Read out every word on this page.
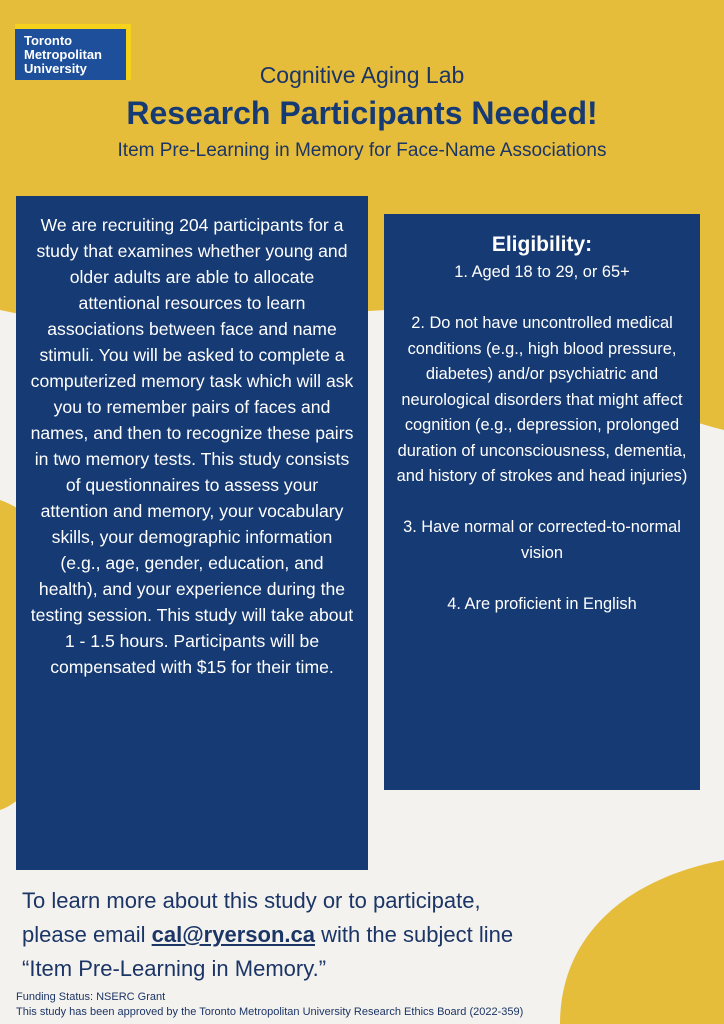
Toronto
Metropolitan
University	Cognitive Aging Lab
Research Participants Needed!
Item Pre-Learning in Memory for Face-Name Associations

We are recruiting 204 participants for a study that examines whether young and older adults are able to allocate attentional resources to learn associations between face and name stimuli. You will be asked to complete a computerized memory task which will ask you to remember pairs of faces and names, and then to recognize these pairs in two memory tests. This study consists of questionnaires to assess your attention and memory, your vocabulary skills, your demographic information (e.g., age, gender, education, and health), and your experience during the testing session. This study will take about 1 - 1.5 hours. Participants will be compensated with $15 for their time.

Eligibility:

1. Aged 18 to 29, or 65+

2. Do not have uncontrolled medical conditions (e.g., high blood pressure, diabetes) and/or psychiatric and neurological disorders that might affect cognition (e.g., depression, prolonged duration of unconsciousness, dementia, and history of strokes and head injuries)

3. Have normal or corrected-to-normal vision

4. Are proficient in English

To learn more about this study or to participate,
please email cal@ryerson.ca with the subject line
“Item Pre-Learning in Memory.”
Funding Status: NSERC Grant
This study has been approved by the Toronto Metropolitan University Research Ethics Board (2022-359)
